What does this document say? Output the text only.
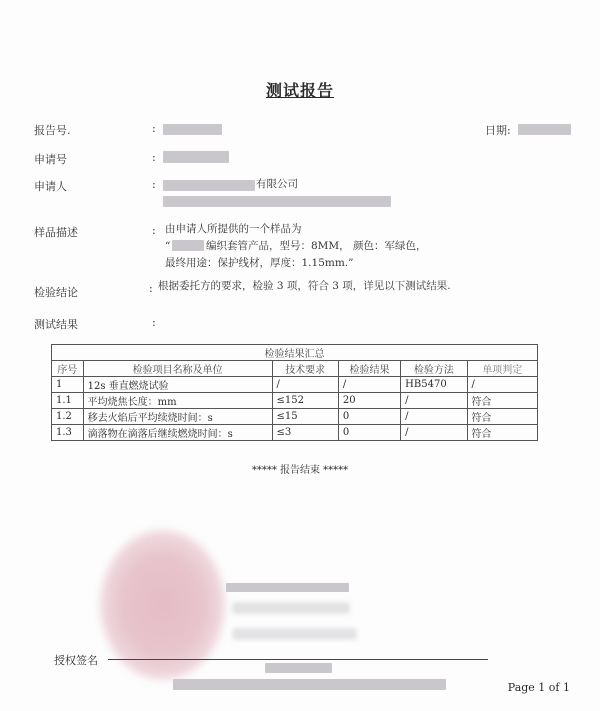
测试报告
报告号.	:	日期:
申请号	:
申请人	:	有限公司
样品描述	: 由申请人所提供的一个样品为
“	编织套管产品，型号：8MM， 颜色：军绿色，
最终用途：保护线材，厚度：1.15mm.”
检验结论	: 根据委托方的要求，检验 3 项，符合 3 项，详见以下测试结果.
测试结果	:
检验结果汇总					
序号	检验项目名称及单位	技术要求	检验结果	检验方法	单项判定
1	12s 垂直燃烧试验	/	/	HB5470	/
1.1	平均烧焦长度：mm	≤152	20	/	符合
1.2	移去火焰后平均续烧时间：s	≤15	0	/	符合
1.3	滴落物在滴落后继续燃烧时间：s	≤3	0	/	符合
***** 报告结束 *****
授权签名
Page 1 of 1
